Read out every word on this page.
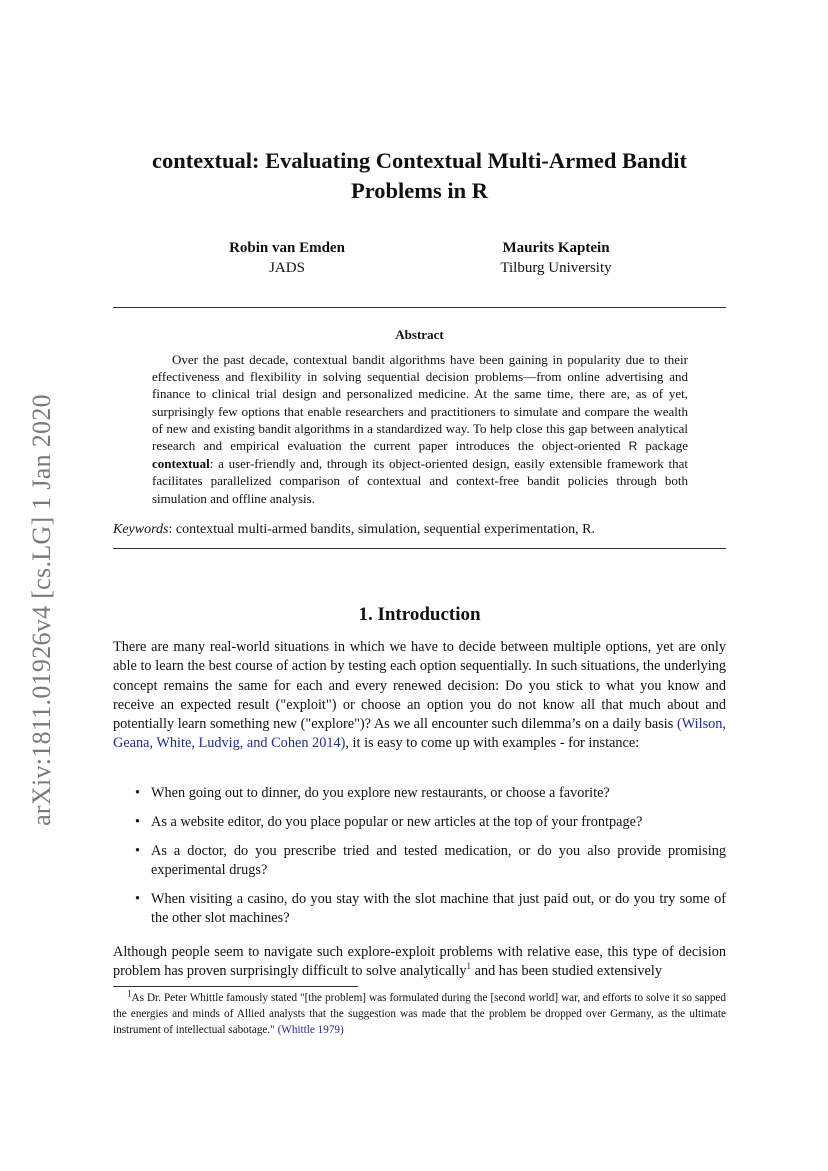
arXiv:1811.01926v4 [cs.LG] 1 Jan 2020
contextual: Evaluating Contextual Multi-Armed Bandit
Problems in R
Robin van Emden
JADS
Maurits Kaptein
Tilburg University
Abstract
Over the past decade, contextual bandit algorithms have been gaining in popularity due to their effectiveness and flexibility in solving sequential decision problems—from online advertising and finance to clinical trial design and personalized medicine. At the same time, there are, as of yet, surprisingly few options that enable researchers and practitioners to simulate and compare the wealth of new and existing bandit algorithms in a standardized way. To help close this gap between analytical research and empirical evaluation the current paper introduces the object-oriented R package contextual: a user-friendly and, through its object-oriented design, easily extensible framework that facilitates parallelized comparison of contextual and context-free bandit policies through both simulation and offline analysis.
Keywords: contextual multi-armed bandits, simulation, sequential experimentation, R.
1. Introduction
There are many real-world situations in which we have to decide between multiple options, yet are only able to learn the best course of action by testing each option sequentially. In such situations, the underlying concept remains the same for each and every renewed decision: Do you stick to what you know and receive an expected result ("exploit") or choose an option you do not know all that much about and potentially learn something new ("explore")? As we all encounter such dilemma’s on a daily basis (Wilson, Geana, White, Ludvig, and Cohen 2014), it is easy to come up with examples - for instance:
• When going out to dinner, do you explore new restaurants, or choose a favorite?
• As a website editor, do you place popular or new articles at the top of your frontpage?
• As a doctor, do you prescribe tried and tested medication, or do you also provide promising experimental drugs?
• When visiting a casino, do you stay with the slot machine that just paid out, or do you try some of the other slot machines?
Although people seem to navigate such explore-exploit problems with relative ease, this type of decision problem has proven surprisingly difficult to solve analytically$^1$ and has been studied extensively
$^1$As Dr. Peter Whittle famously stated "[the problem] was formulated during the [second world] war, and efforts to solve it so sapped the energies and minds of Allied analysts that the suggestion was made that the problem be dropped over Germany, as the ultimate instrument of intellectual sabotage." (Whittle 1979)
